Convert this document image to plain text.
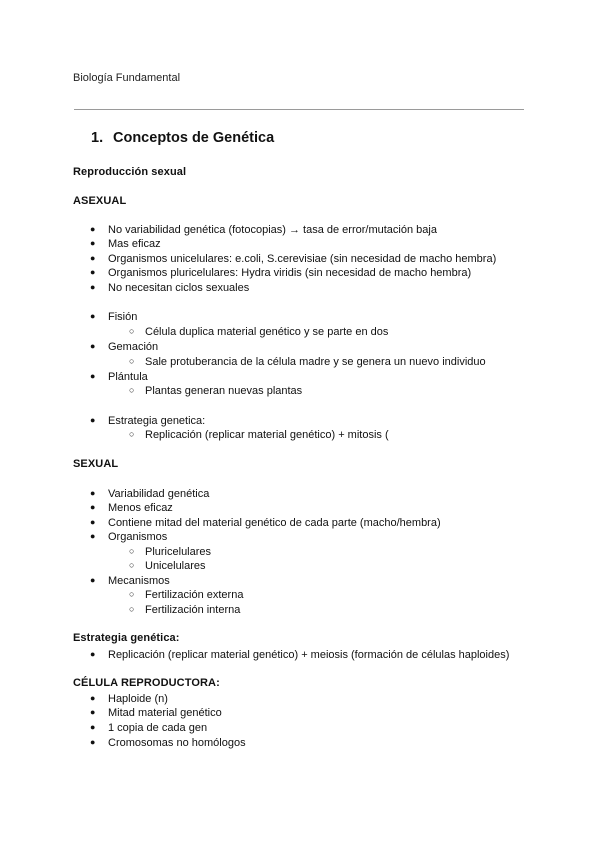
Biología Fundamental
1. Conceptos de Genética
Reproducción sexual
ASEXUAL
● No variabilidad genética (fotocopias) → tasa de error/mutación baja
● Mas eficaz
● Organismos unicelulares: e.coli, S.cerevisiae (sin necesidad de macho hembra)
● Organismos pluricelulares: Hydra viridis (sin necesidad de macho hembra)
● No necesitan ciclos sexuales
● Fisión
○ Célula duplica material genético y se parte en dos
● Gemación
○ Sale protuberancia de la célula madre y se genera un nuevo individuo
● Plántula
○ Plantas generan nuevas plantas
● Estrategia genetica:
○ Replicación (replicar material genético) + mitosis (
SEXUAL
● Variabilidad genética
● Menos eficaz
● Contiene mitad del material genético de cada parte (macho/hembra)
● Organismos
○ Pluricelulares
○ Unicelulares
● Mecanismos
○ Fertilización externa
○ Fertilización interna
Estrategia genética:
● Replicación (replicar material genético) + meiosis (formación de células haploides)
CÉLULA REPRODUCTORA:
● Haploide (n)
● Mitad material genético
● 1 copia de cada gen
● Cromosomas no homólogos
